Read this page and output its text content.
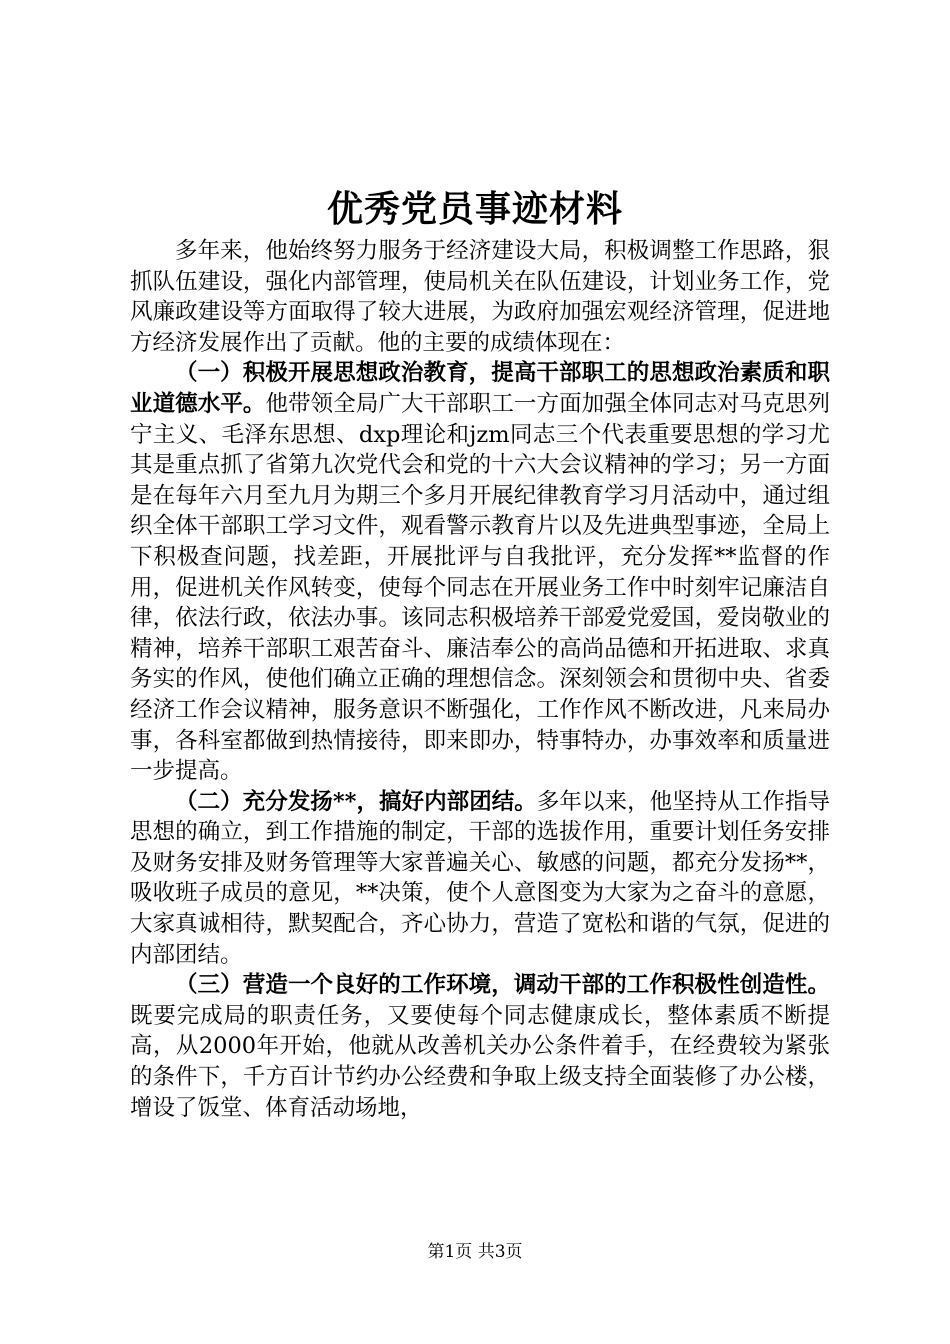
优秀党员事迹材料

多年来，他始终努力服务于经济建设大局，积极调整工作思路，狠抓队伍建设，强化内部管理，使局机关在队伍建设，计划业务工作，党风廉政建设等方面取得了较大进展，为政府加强宏观经济管理，促进地方经济发展作出了贡献。他的主要的成绩体现在：

（一）积极开展思想政治教育，提高干部职工的思想政治素质和职业道德水平。他带领全局广大干部职工一方面加强全体同志对马克思列宁主义、毛泽东思想、dxp理论和jzm同志三个代表重要思想的学习尤其是重点抓了省第九次党代会和党的十六大会议精神的学习；另一方面是在每年六月至九月为期三个多月开展纪律教育学习月活动中，通过组织全体干部职工学习文件，观看警示教育片以及先进典型事迹，全局上下积极查问题，找差距，开展批评与自我批评，充分发挥**监督的作用，促进机关作风转变，使每个同志在开展业务工作中时刻牢记廉洁自律，依法行政，依法办事。该同志积极培养干部爱党爱国，爱岗敬业的精神，培养干部职工艰苦奋斗、廉洁奉公的高尚品德和开拓进取、求真务实的作风，使他们确立正确的理想信念。深刻领会和贯彻中央、省委经济工作会议精神，服务意识不断强化，工作作风不断改进，凡来局办事，各科室都做到热情接待，即来即办，特事特办，办事效率和质量进一步提高。

（二）充分发扬**，搞好内部团结。多年以来，他坚持从工作指导思想的确立，到工作措施的制定，干部的选拔作用，重要计划任务安排及财务安排及财务管理等大家普遍关心、敏感的问题，都充分发扬**，吸收班子成员的意见，**决策，使个人意图变为大家为之奋斗的意愿，大家真诚相待，默契配合，齐心协力，营造了宽松和谐的气氛，促进的内部团结。

（三）营造一个良好的工作环境，调动干部的工作积极性创造性。既要完成局的职责任务，又要使每个同志健康成长，整体素质不断提高，从2000年开始，他就从改善机关办公条件着手，在经费较为紧张的条件下，千方百计节约办公经费和争取上级支持全面装修了办公楼，增设了饭堂、体育活动场地，

第1页 共3页
